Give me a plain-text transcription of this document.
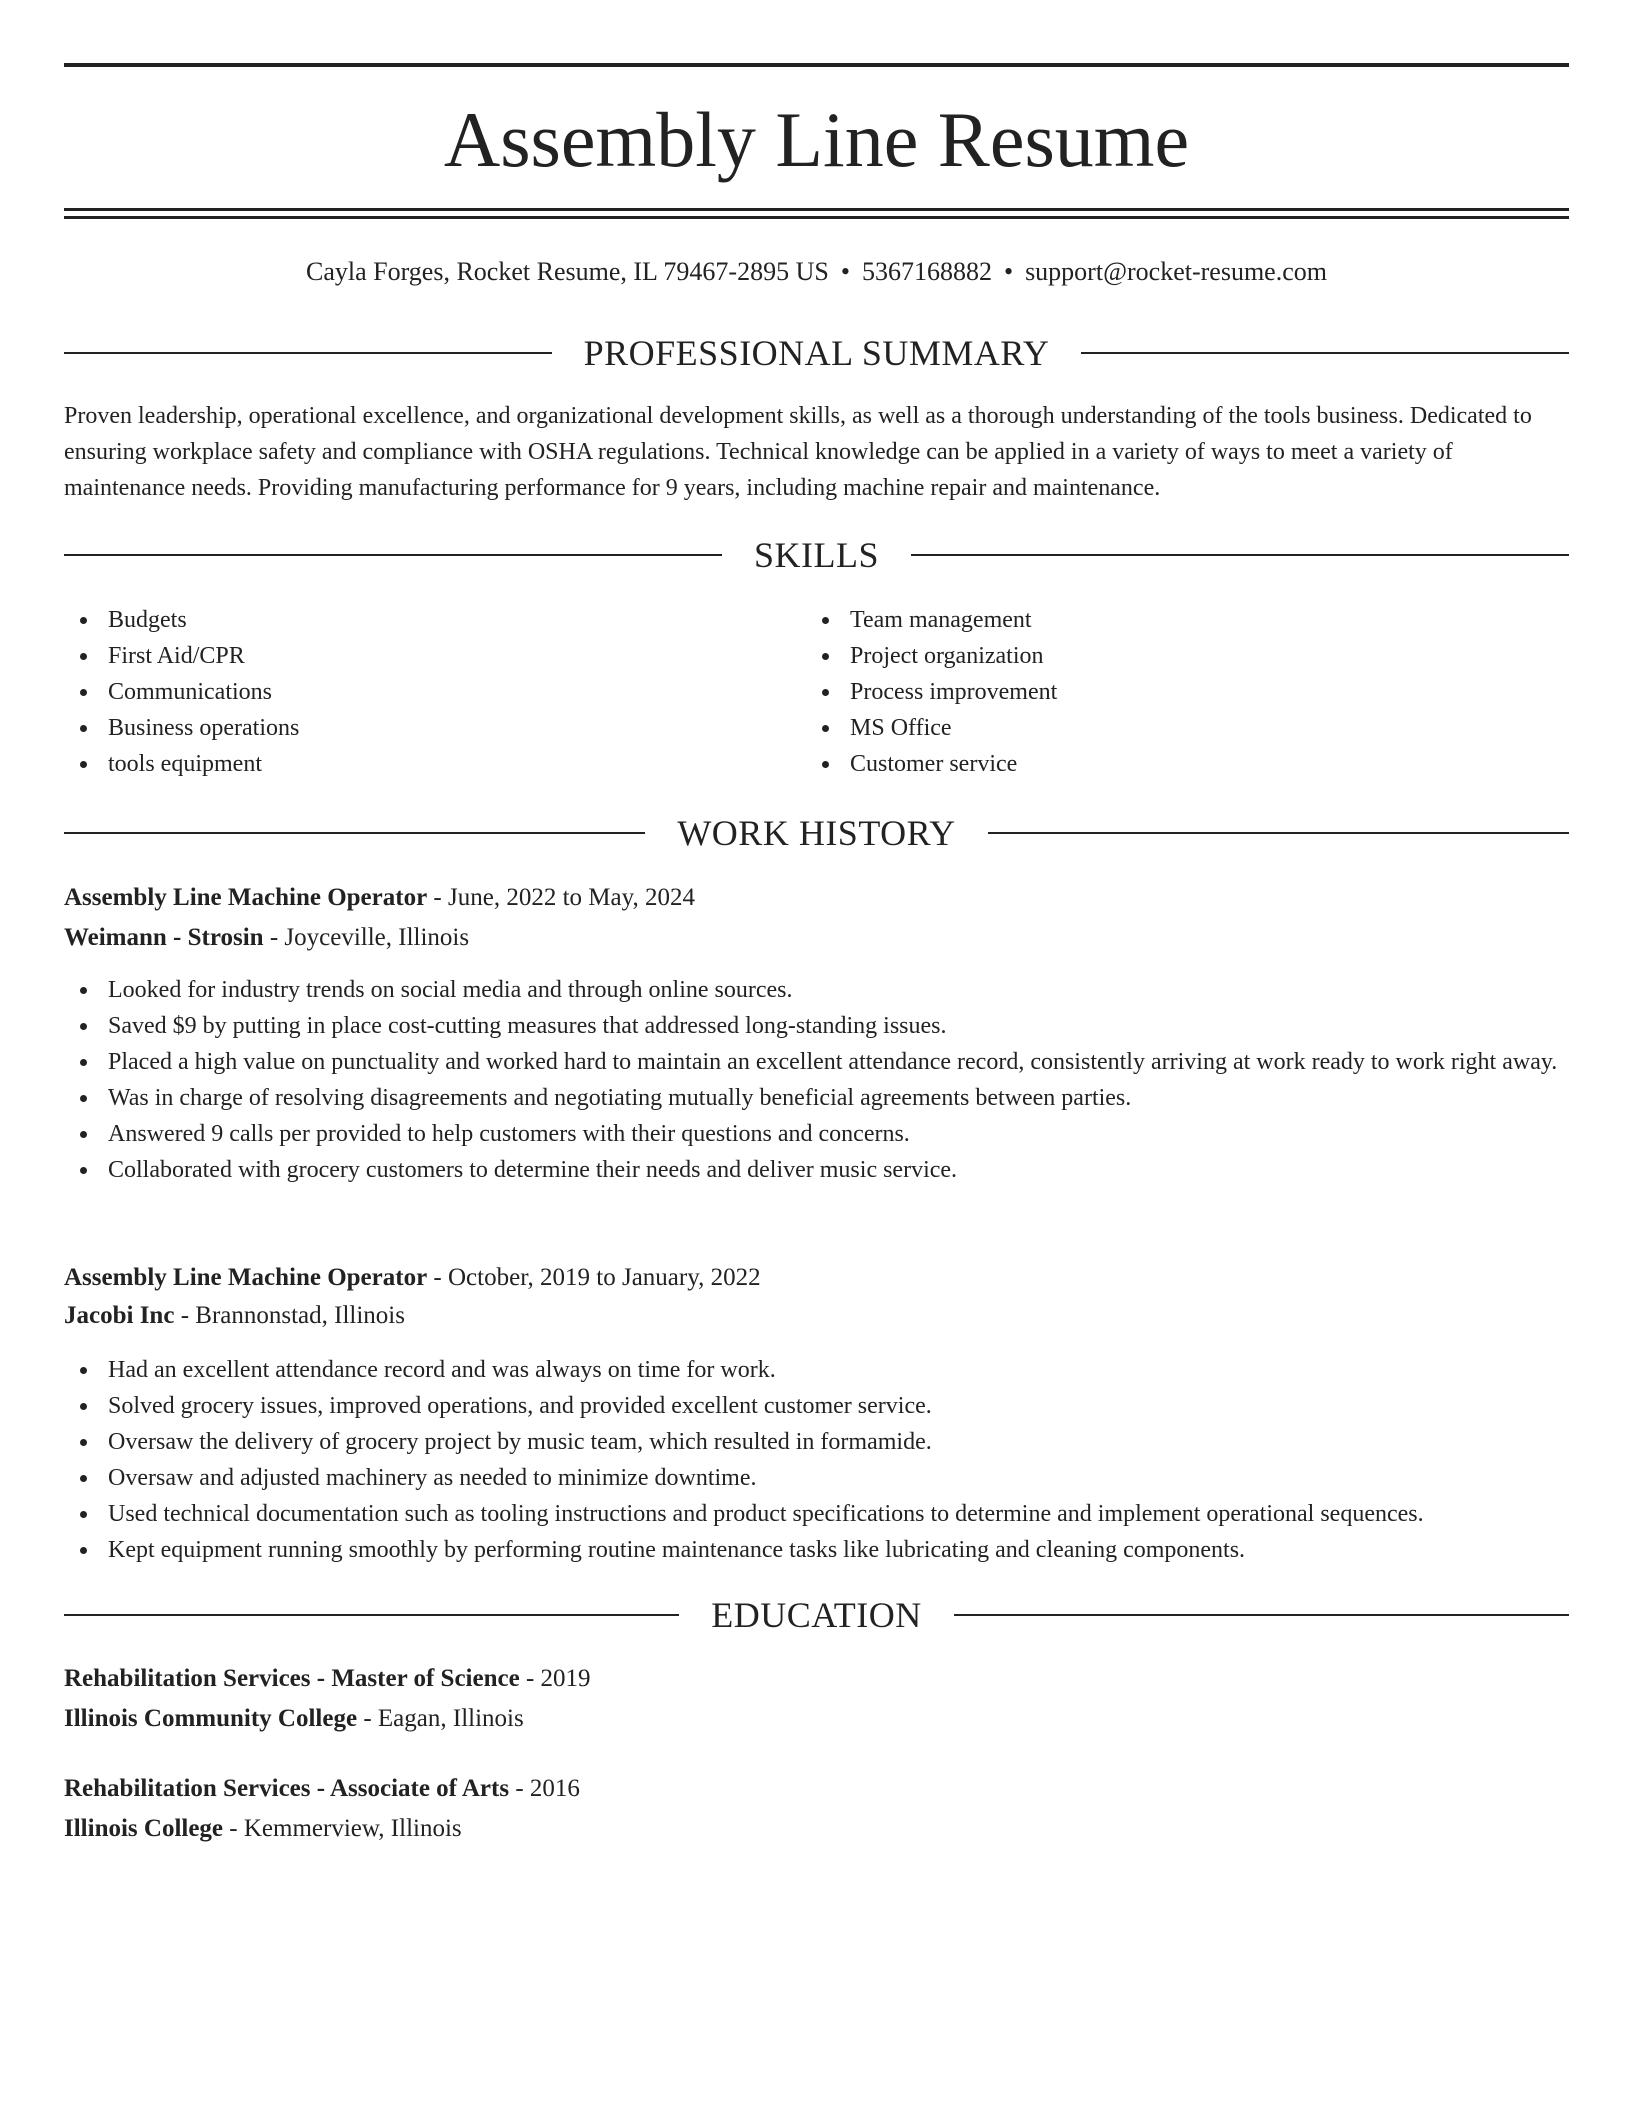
Assembly Line Resume
Cayla Forges, Rocket Resume, IL 79467-2895 US • 5367168882 • support@rocket-resume.com
PROFESSIONAL SUMMARY

Proven leadership, operational excellence, and organizational development skills, as well as a thorough understanding of the tools business. Dedicated to ensuring workplace safety and compliance with OSHA regulations. Technical knowledge can be applied in a variety of ways to meet a variety of maintenance needs. Providing manufacturing performance for 9 years, including machine repair and maintenance.

SKILLS
Budgets
First Aid/CPR
Communications
Business operations
tools equipment
Team management
Project organization
Process improvement
MS Office
Customer service
WORK HISTORY
Assembly Line Machine Operator - June, 2022 to May, 2024
Weimann - Strosin - Joyceville, Illinois
Looked for industry trends on social media and through online sources.
Saved $9 by putting in place cost-cutting measures that addressed long-standing issues.
Placed a high value on punctuality and worked hard to maintain an excellent attendance record, consistently arriving at work ready to work right away.
Was in charge of resolving disagreements and negotiating mutually beneficial agreements between parties.
Answered 9 calls per provided to help customers with their questions and concerns.
Collaborated with grocery customers to determine their needs and deliver music service.
Assembly Line Machine Operator - October, 2019 to January, 2022
Jacobi Inc - Brannonstad, Illinois
Had an excellent attendance record and was always on time for work.
Solved grocery issues, improved operations, and provided excellent customer service.
Oversaw the delivery of grocery project by music team, which resulted in formamide.
Oversaw and adjusted machinery as needed to minimize downtime.
Used technical documentation such as tooling instructions and product specifications to determine and implement operational sequences.
Kept equipment running smoothly by performing routine maintenance tasks like lubricating and cleaning components.
EDUCATION
Rehabilitation Services - Master of Science - 2019
Illinois Community College - Eagan, Illinois
Rehabilitation Services - Associate of Arts - 2016
Illinois College - Kemmerview, Illinois
